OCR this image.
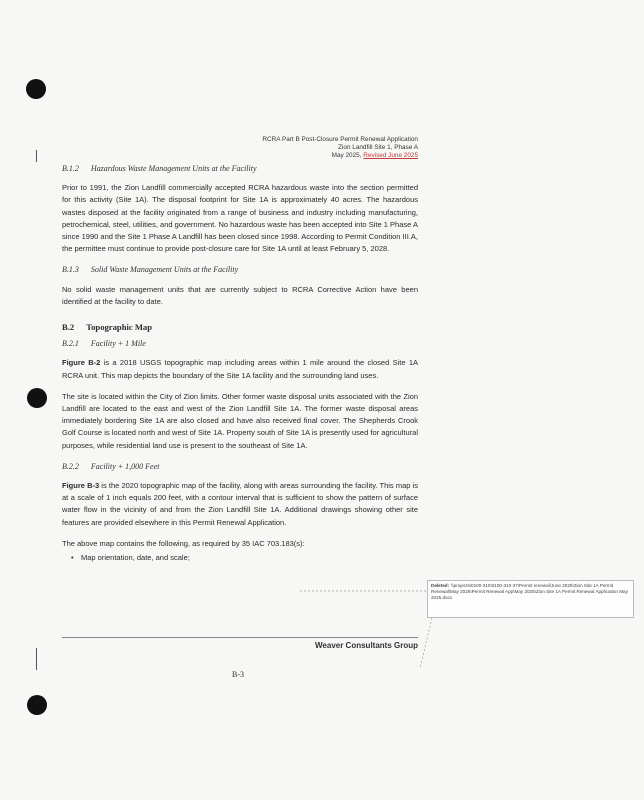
RCRA Part B Post-Closure Permit Renewal Application
Zion Landfill Site 1, Phase A
May 2025, Revised June 2025
B.1.2 Hazardous Waste Management Units at the Facility

Prior to 1991, the Zion Landfill commercially accepted RCRA hazardous waste into the section permitted for this activity (Site 1A). The disposal footprint for Site 1A is approximately 40 acres. The hazardous wastes disposed at the facility originated from a range of business and industry including manufacturing, petrochemical, steel, utilities, and government. No hazardous waste has been accepted into Site 1 Phase A since 1990 and the Site 1 Phase A Landfill has been closed since 1998. According to Permit Condition III.A, the permittee must continue to provide post-closure care for Site 1A until at least February 5, 2028.

B.1.3 Solid Waste Management Units at the Facility

No solid waste management units that are currently subject to RCRA Corrective Action have been identified at the facility to date.

B.2 Topographic Map
B.2.1 Facility + 1 Mile

Figure B-2 is a 2018 USGS topographic map including areas within 1 mile around the closed Site 1A RCRA unit. This map depicts the boundary of the Site 1A facility and the surrounding land uses.

The site is located within the City of Zion limits. Other former waste disposal units associated with the Zion Landfill are located to the east and west of the Zion Landfill Site 1A. The former waste disposal areas immediately bordering Site 1A are also closed and have also received final cover. The Shepherds Crook Golf Course is located north and west of Site 1A. Property south of Site 1A is presently used for agricultural purposes, while residential land use is present to the southeast of Site 1A.

B.2.2 Facility + 1,000 Feet

Figure B-3 is the 2020 topographic map of the facility, along with areas surrounding the facility. This map is at a scale of 1 inch equals 200 feet, with a contour interval that is sufficient to show the pattern of surface water flow in the vicinity of and from the Zion Landfill Site 1A. Additional drawings showing other site features are provided elsewhere in this Permit Renewal Application.

The above map contains the following, as required by 35 IAC 703.183(s):

• Map orientation, date, and scale;
Weaver Consultants Group
B-3
Deleted: \\projects\0100-310\0100-310-37\Permit renewal\June 2025\Zion Site 1A Permit Renewal\May 2025\Permit Renewal App\May 2025\Zion Site 1A Permit Renewal Application May 2025.docx
